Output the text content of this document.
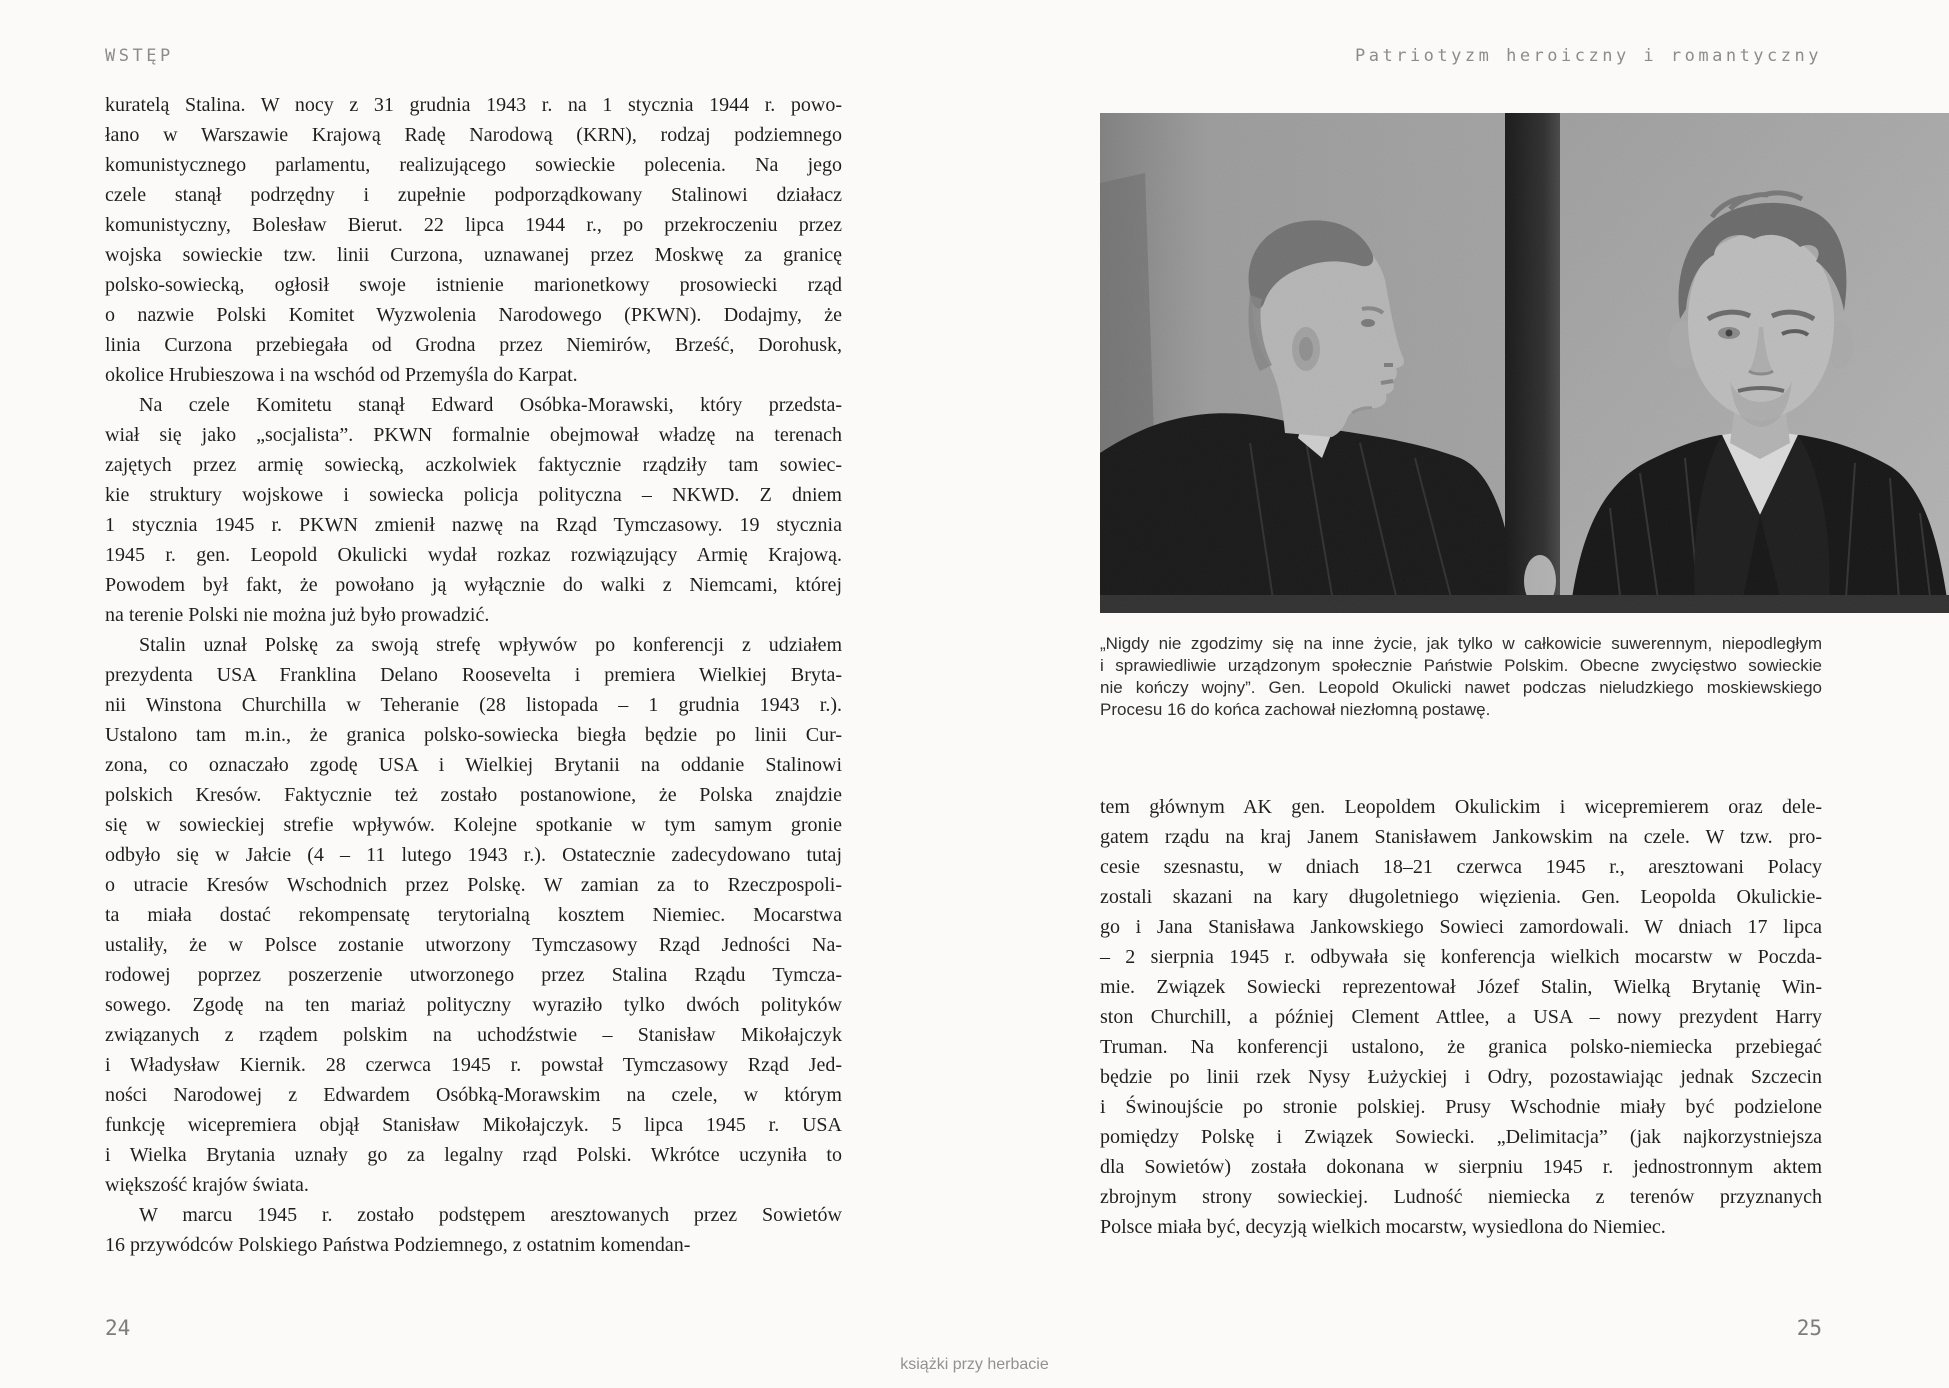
WSTĘP	Patriotyzm heroiczny i romantyczny
kuratelą Stalina. W nocy z 31 grudnia 1943 r. na 1 stycznia 1944 r. powo-
łano w Warszawie Krajową Radę Narodową (KRN), rodzaj podziemnego
komunistycznego parlamentu, realizującego sowieckie polecenia. Na jego
czele stanął podrzędny i zupełnie podporządkowany Stalinowi działacz
komunistyczny, Bolesław Bierut. 22 lipca 1944 r., po przekroczeniu przez
wojska sowieckie tzw. linii Curzona, uznawanej przez Moskwę za granicę
polsko-sowiecką, ogłosił swoje istnienie marionetkowy prosowiecki rząd
o nazwie Polski Komitet Wyzwolenia Narodowego (PKWN). Dodajmy, że
linia Curzona przebiegała od Grodna przez Niemirów, Brześć, Dorohusk,
okolice Hrubieszowa i na wschód od Przemyśla do Karpat.
Na czele Komitetu stanął Edward Osóbka-Morawski, który przedsta-
wiał się jako „socjalista”. PKWN formalnie obejmował władzę na terenach
zajętych przez armię sowiecką, aczkolwiek faktycznie rządziły tam sowiec-
kie struktury wojskowe i sowiecka policja polityczna – NKWD. Z dniem
1 stycznia 1945 r. PKWN zmienił nazwę na Rząd Tymczasowy. 19 stycznia
1945 r. gen. Leopold Okulicki wydał rozkaz rozwiązujący Armię Krajową.
Powodem był fakt, że powołano ją wyłącznie do walki z Niemcami, której
na terenie Polski nie można już było prowadzić.
Stalin uznał Polskę za swoją strefę wpływów po konferencji z udziałem
prezydenta USA Franklina Delano Roosevelta i premiera Wielkiej Bryta-
nii Winstona Churchilla w Teheranie (28 listopada – 1 grudnia 1943 r.).
Ustalono tam m.in., że granica polsko-sowiecka biegła będzie po linii Cur-
zona, co oznaczało zgodę USA i Wielkiej Brytanii na oddanie Stalinowi
polskich Kresów. Faktycznie też zostało postanowione, że Polska znajdzie
się w sowieckiej strefie wpływów. Kolejne spotkanie w tym samym gronie
odbyło się w Jałcie (4 – 11 lutego 1943 r.). Ostatecznie zadecydowano tutaj
o utracie Kresów Wschodnich przez Polskę. W zamian za to Rzeczpospoli-
ta miała dostać rekompensatę terytorialną kosztem Niemiec. Mocarstwa
ustaliły, że w Polsce zostanie utworzony Tymczasowy Rząd Jedności Na-
rodowej poprzez poszerzenie utworzonego przez Stalina Rządu Tymcza-
sowego. Zgodę na ten mariaż polityczny wyraziło tylko dwóch polityków
związanych z rządem polskim na uchodźstwie – Stanisław Mikołajczyk
i Władysław Kiernik. 28 czerwca 1945 r. powstał Tymczasowy Rząd Jed-
ności Narodowej z Edwardem Osóbką-Morawskim na czele, w którym
funkcję wicepremiera objął Stanisław Mikołajczyk. 5 lipca 1945 r. USA
i Wielka Brytania uznały go za legalny rząd Polski. Wkrótce uczyniła to
większość krajów świata.
W marcu 1945 r. zostało podstępem aresztowanych przez Sowietów
16 przywódców Polskiego Państwa Podziemnego, z ostatnim komendan-
„Nigdy nie zgodzimy się na inne życie, jak tylko w całkowicie suwerennym, niepodległym
i sprawiedliwie urządzonym społecznie Państwie Polskim. Obecne zwycięstwo sowieckie
nie kończy wojny”. Gen. Leopold Okulicki nawet podczas nieludzkiego moskiewskiego
Procesu 16 do końca zachował niezłomną postawę.
tem głównym AK gen. Leopoldem Okulickim i wicepremierem oraz dele-
gatem rządu na kraj Janem Stanisławem Jankowskim na czele. W tzw. pro-
cesie szesnastu, w dniach 18–21 czerwca 1945 r., aresztowani Polacy
zostali skazani na kary długoletniego więzienia. Gen. Leopolda Okulickie-
go i Jana Stanisława Jankowskiego Sowieci zamordowali. W dniach 17 lipca
– 2 sierpnia 1945 r. odbywała się konferencja wielkich mocarstw w Poczda-
mie. Związek Sowiecki reprezentował Józef Stalin, Wielką Brytanię Win-
ston Churchill, a później Clement Attlee, a USA – nowy prezydent Harry
Truman. Na konferencji ustalono, że granica polsko-niemiecka przebiegać
będzie po linii rzek Nysy Łużyckiej i Odry, pozostawiając jednak Szczecin
i Świnoujście po stronie polskiej. Prusy Wschodnie miały być podzielone
pomiędzy Polskę i Związek Sowiecki. „Delimitacja” (jak najkorzystniejsza
dla Sowietów) została dokonana w sierpniu 1945 r. jednostronnym aktem
zbrojnym strony sowieckiej. Ludność niemiecka z terenów przyznanych
Polsce miała być, decyzją wielkich mocarstw, wysiedlona do Niemiec.
24	25
książki przy herbacie
